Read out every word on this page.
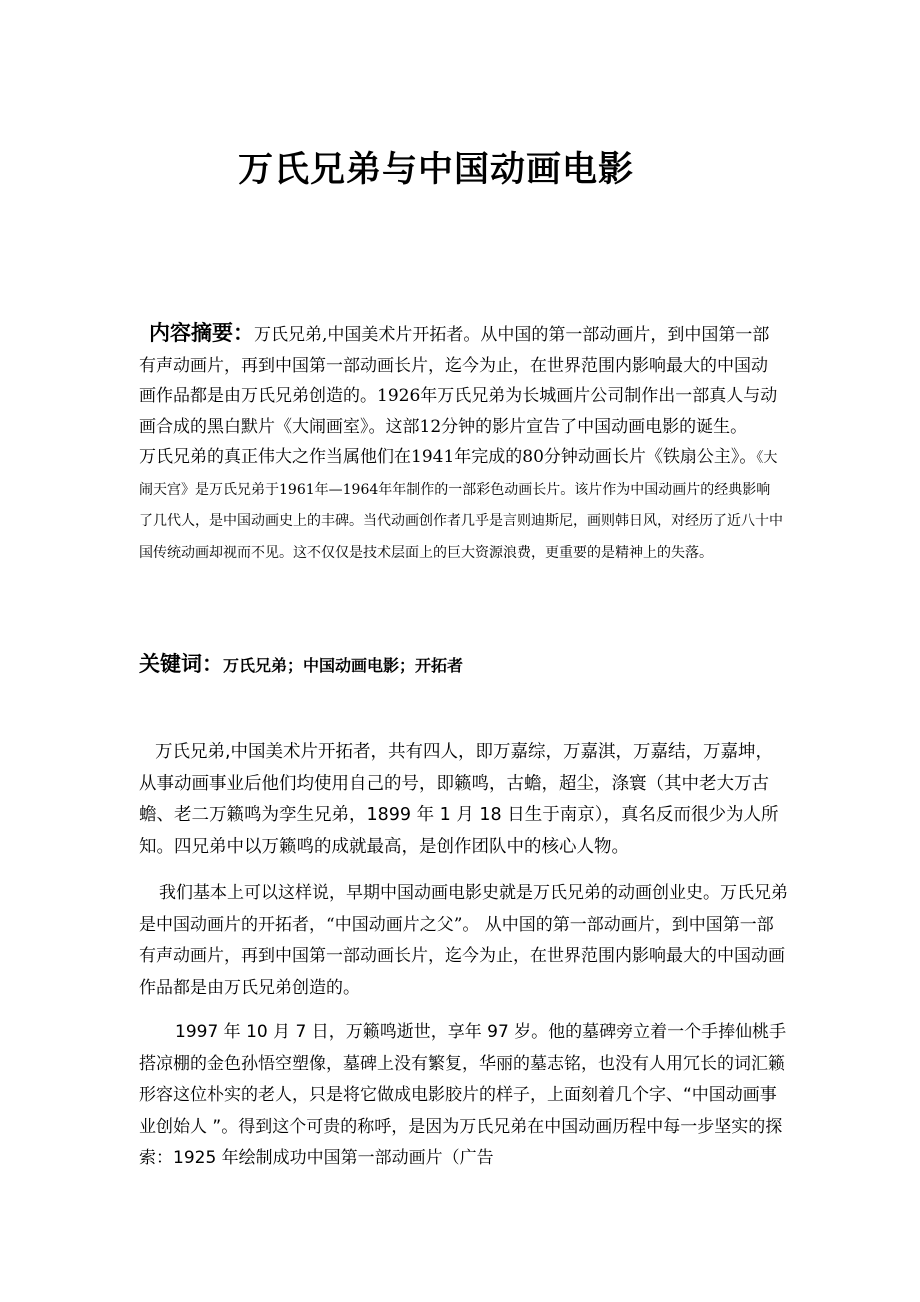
万氏兄弟与中国动画电影

内容摘要：万氏兄弟,中国美术片开拓者。从中国的第一部动画片，到中国第一部有声动画片，再到中国第一部动画长片，迄今为止，在世界范围内影响最大的中国动画作品都是由万氏兄弟创造的。1926年万氏兄弟为长城画片公司制作出一部真人与动画合成的黑白默片《大闹画室》。这部12分钟的影片宣告了中国动画电影的诞生。　　万氏兄弟的真正伟大之作当属他们在1941年完成的80分钟动画长片《铁扇公主》。《大闹天宫》是万氏兄弟于1961年—1964年年制作的一部彩色动画长片。该片作为中国动画片的经典影响了几代人，是中国动画史上的丰碑。当代动画创作者几乎是言则迪斯尼，画则韩日风，对经历了近八十中国传统动画却视而不见。这不仅仅是技术层面上的巨大资源浪费，更重要的是精神上的失落。

关键词：万氏兄弟；中国动画电影；开拓者

万氏兄弟,中国美术片开拓者，共有四人，即万嘉综，万嘉淇，万嘉结，万嘉坤，从事动画事业后他们均使用自己的号，即籁鸣，古蟾，超尘，涤寰（其中老大万古蟾、老二万籁鸣为孪生兄弟，1899 年 1 月 18 日生于南京），真名反而很少为人所知。四兄弟中以万籁鸣的成就最高，是创作团队中的核心人物。

我们基本上可以这样说，早期中国动画电影史就是万氏兄弟的动画创业史。万氏兄弟是中国动画片的开拓者，“中国动画片之父”。 从中国的第一部动画片，到中国第一部有声动画片，再到中国第一部动画长片，迄今为止，在世界范围内影响最大的中国动画作品都是由万氏兄弟创造的。

1997 年 10 月 7 日，万籁鸣逝世，享年 97 岁。他的墓碑旁立着一个手捧仙桃手搭凉棚的金色孙悟空塑像，墓碑上没有繁复，华丽的墓志铭，也没有人用冗长的词汇籁形容这位朴实的老人，只是将它做成电影胶片的样子，上面刻着几个字、“中国动画事业创始人 ”。得到这个可贵的称呼，是因为万氏兄弟在中国动画历程中每一步坚实的探索：1925 年绘制成功中国第一部动画片（广告
